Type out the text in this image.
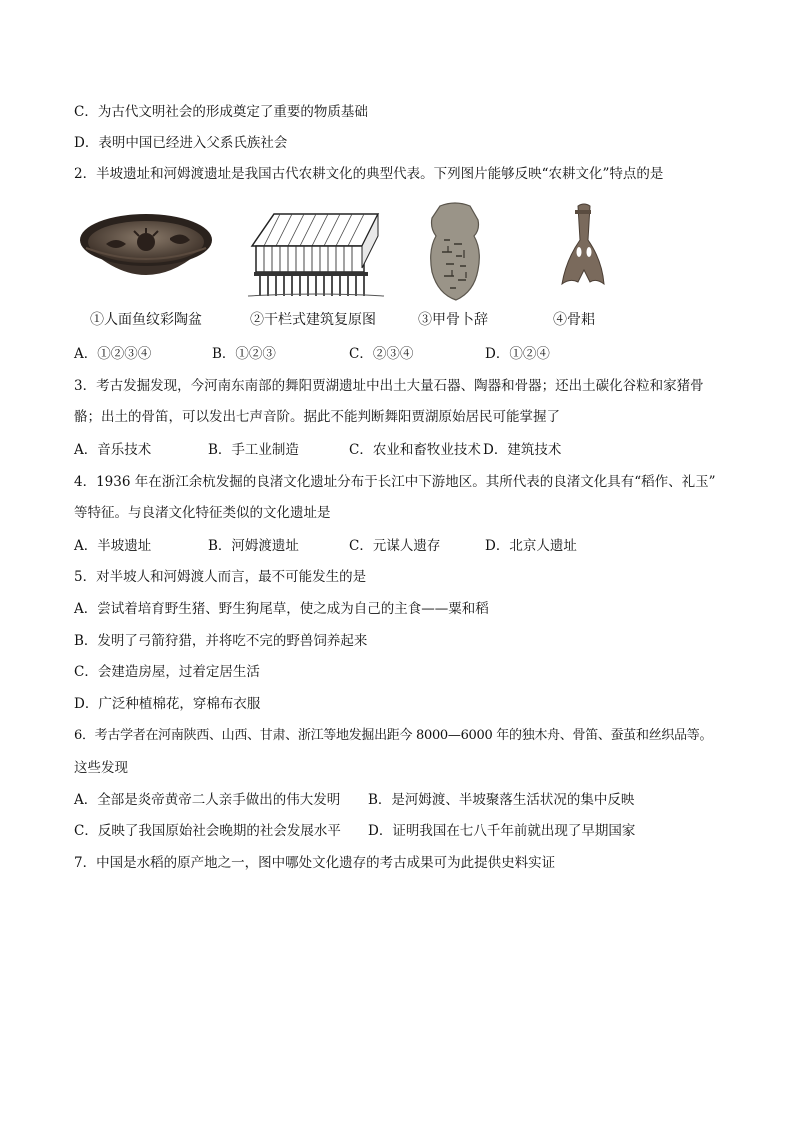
C．为古代文明社会的形成奠定了重要的物质基础
D．表明中国已经进入父系氏族社会
2．半坡遗址和河姆渡遗址是我国古代农耕文化的典型代表。下列图片能够反映“农耕文化”特点的是
①人面鱼纹彩陶盆	②干栏式建筑复原图	③甲骨卜辞	④骨耜
A．①②③④	B．①②③	C．②③④	D．①②④
3．考古发掘发现，今河南东南部的舞阳贾湖遗址中出土大量石器、陶器和骨器；还出土碳化谷粒和家猪骨
骼；出土的骨笛，可以发出七声音阶。据此不能判断舞阳贾湖原始居民可能掌握了
A．音乐技术	B．手工业制造	C．农业和畜牧业技术 D．建筑技术
4．1936 年在浙江余杭发掘的良渚文化遗址分布于长江中下游地区。其所代表的良渚文化具有“稻作、礼玉”
等特征。与良渚文化特征类似的文化遗址是
A．半坡遗址	B．河姆渡遗址	C．元谋人遗存	D．北京人遗址
5．对半坡人和河姆渡人而言，最不可能发生的是
A．尝试着培育野生猪、野生狗尾草，使之成为自己的主食——粟和稻
B．发明了弓箭狩猎，并将吃不完的野兽饲养起来
C．会建造房屋，过着定居生活
D．广泛种植棉花，穿棉布衣服
6．考古学者在河南陕西、山西、甘肃、浙江等地发掘出距今 8000—6000 年的独木舟、骨笛、蚕茧和丝织品等。
这些发现
A．全部是炎帝黄帝二人亲手做出的伟大发明 B．是河姆渡、半坡聚落生活状况的集中反映
C．反映了我国原始社会晚期的社会发展水平 D．证明我国在七八千年前就出现了早期国家
7．中国是水稻的原产地之一，图中哪处文化遗存的考古成果可为此提供史料实证
